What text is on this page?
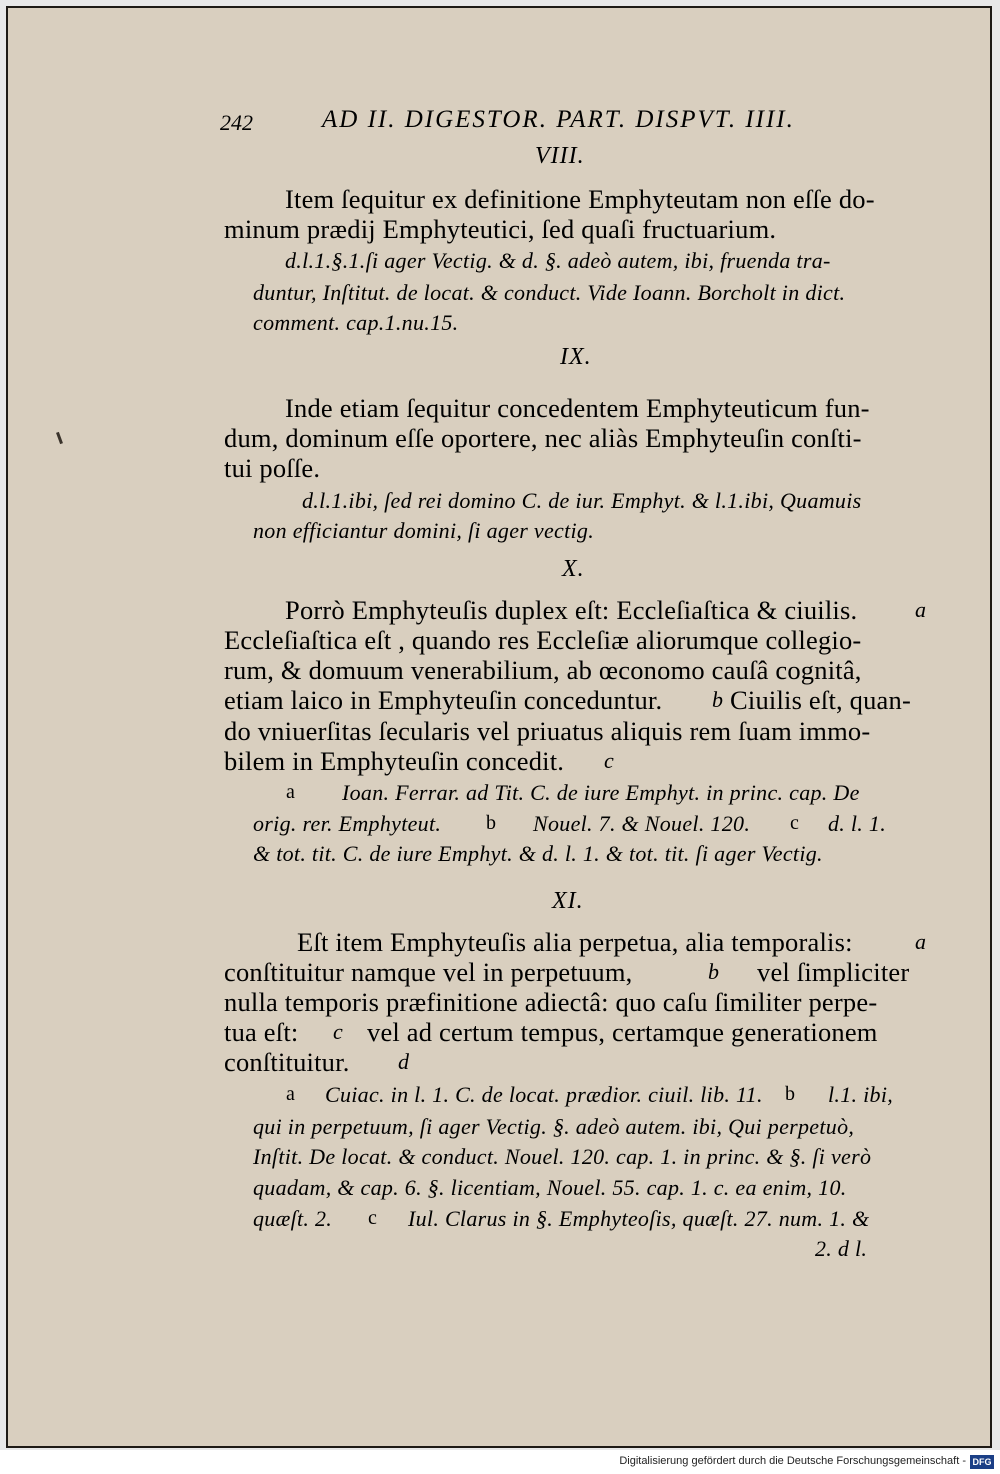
242	AD II. DIGESTOR. PART. DISPVT. IIII.
VIII.
Item ſequitur ex definitione Emphyteutam non eſſe do-
minum prædij Emphyteutici, ſed quaſi fructuarium.
d.l.1.§.1.ſi ager Vectig. & d. §. adeò autem, ibi, fruenda tra-
duntur, Inſtitut. de locat. & conduct. Vide Ioann. Borcholt in dict.
comment. cap.1.nu.15.
IX.
Inde etiam ſequitur concedentem Emphyteuticum fun-
dum, dominum eſſe oportere, nec aliàs Emphyteuſin conſti-
tui poſſe.
d.l.1.ibi, ſed rei domino C. de iur. Emphyt. & l.1.ibi, Quamuis
non efficiantur domini, ſi ager vectig.
X.
Porrò Emphyteuſis duplex eſt: Eccleſiaſtica & ciuilis.	a
Eccleſiaſtica eſt , quando res Eccleſiæ aliorumque collegio-
rum, & domuum venerabilium, ab œconomo cauſâ cognitâ,
etiam laico in Emphyteuſin conceduntur. b Ciuilis eſt, quan-
do vniuerſitas ſecularis vel priuatus aliquis rem ſuam immo-
bilem in Emphyteuſin concedit. c
a Ioan. Ferrar. ad Tit. C. de iure Emphyt. in princ. cap. De
orig. rer. Emphyteut. b Nouel. 7. & Nouel. 120. c d. l. 1.
& tot. tit. C. de iure Emphyt. & d. l. 1. & tot. tit. ſi ager Vectig.
XI.
Eſt item Emphyteuſis alia perpetua, alia temporalis:	a
conſtituitur namque vel in perpetuum,	b vel ſimpliciter
nulla temporis præfinitione adiectâ: quo caſu ſimiliter perpe-
tua eſt: c vel ad certum tempus, certamque generationem
conſtituitur. d
a Cuiac. in l. 1. C. de locat. prædior. ciuil. lib. 11. b l.1. ibi,
qui in perpetuum, ſi ager Vectig. §. adeò autem. ibi, Qui perpetuò,
Inſtit. De locat. & conduct. Nouel. 120. cap. 1. in princ. & §. ſi verò
quadam, & cap. 6. §. licentiam, Nouel. 55. cap. 1. c. ea enim, 10.
quæſt. 2. c Iul. Clarus in §. Emphyteoſis, quæſt. 27. num. 1. &
2. d l.
Digitalisierung gefördert durch die Deutsche Forschungsgemeinschaft - DFG
